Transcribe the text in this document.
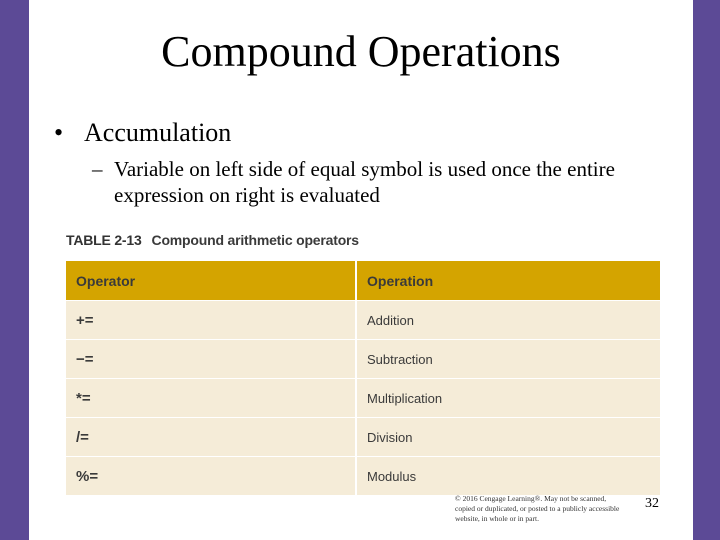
Compound Operations
• Accumulation
– Variable on left side of equal symbol is used once the entire expression on right is evaluated
TABLE 2-13 Compound arithmetic operators
Operator	Operation
+=	Addition
−=	Subtraction
*=	Multiplication
/=	Division
%=	Modulus
© 2016 Cengage Learning®. May not be scanned, copied or duplicated, or posted to a publicly accessible website, in whole or in part.
32
